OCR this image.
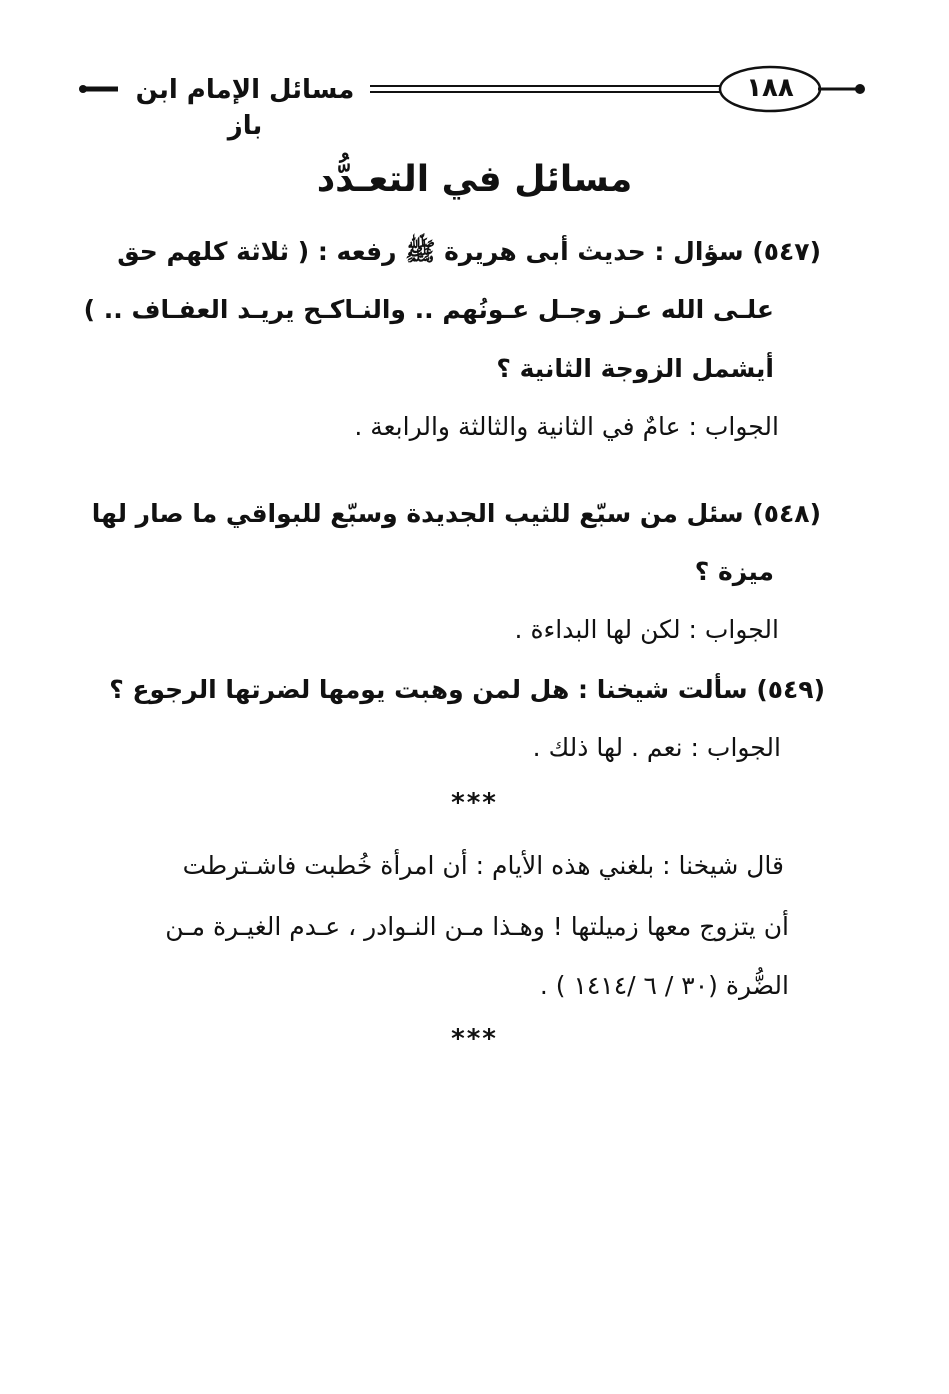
١٨٨
مسائل الإمام ابن باز
مسائل في التعـدُّد
(٥٤٧) سؤال : حديث أبى هريرة ﷺ رفعه : ( ثلاثة كلهم حق
علـى الله عـز وجـل عـونُهم .. والنـاكـح يريـد العفـاف .. )
أيشمل الزوجة الثانية ؟
الجواب : عامٌ في الثانية والثالثة والرابعة .
(٥٤٨) سئل من سبّع للثيب الجديدة وسبّع للبواقي ما صار لها
ميزة ؟
الجواب : لكن لها البداءة .
(٥٤٩) سألت شيخنا : هل لمن وهبت يومها لضرتها الرجوع ؟
الجواب : نعم . لها ذلك .
***
قال شيخنا : بلغني هذه الأيام : أن امرأة خُطبت فاشـترطت
أن يتزوج معها زميلتها ! وهـذا مـن النـوادر ، عـدم الغيـرة مـن
الضُّرة (٣٠ / ٦ /١٤١٤ ) .
***
